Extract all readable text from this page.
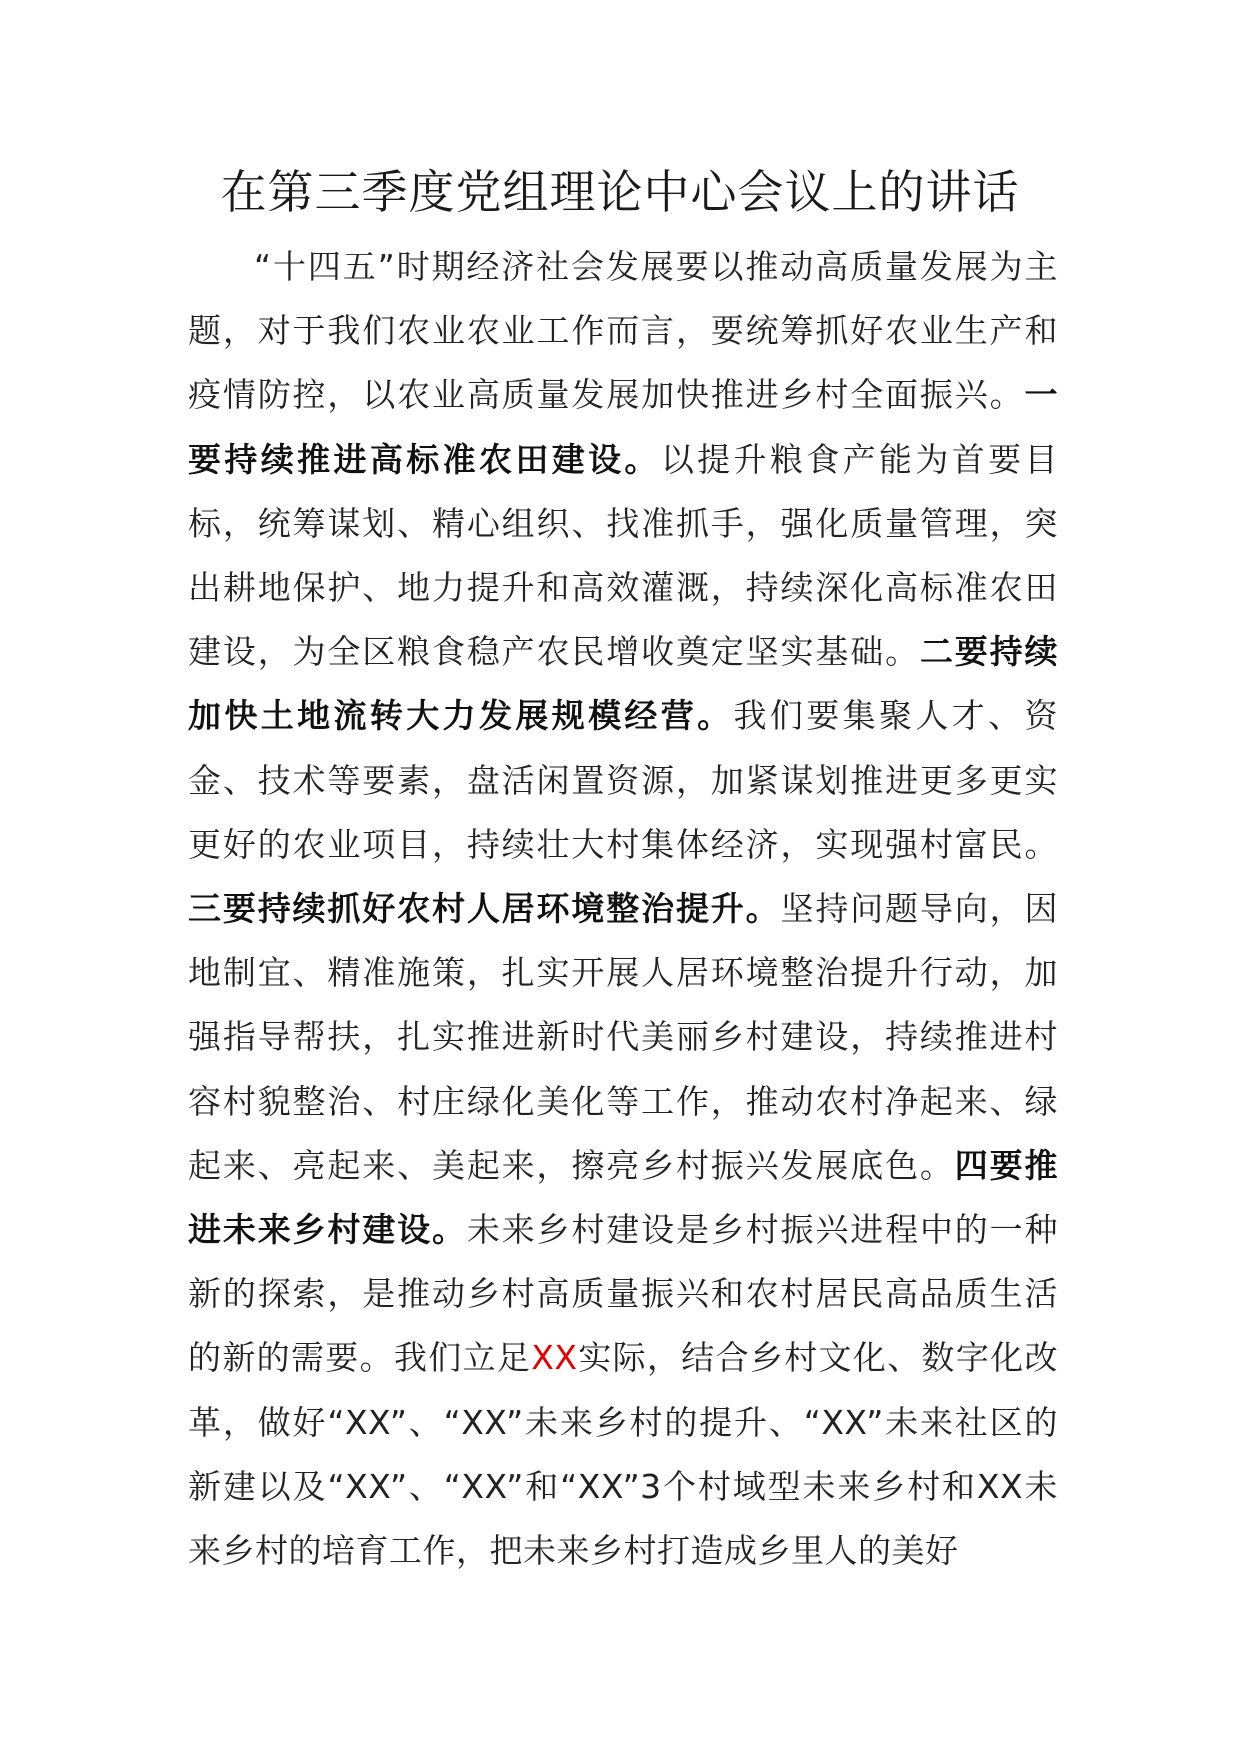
在第三季度党组理论中心会议上的讲话

“十四五”时期经济社会发展要以推动高质量发展为主题，对于我们农业农业工作而言，要统筹抓好农业生产和疫情防控，以农业高质量发展加快推进乡村全面振兴。一要持续推进高标准农田建设。以提升粮食产能为首要目标，统筹谋划、精心组织、找准抓手，强化质量管理，突出耕地保护、地力提升和高效灌溉，持续深化高标准农田建设，为全区粮食稳产农民增收奠定坚实基础。二要持续加快土地流转大力发展规模经营。我们要集聚人才、资金、技术等要素，盘活闲置资源，加紧谋划推进更多更实更好的农业项目，持续壮大村集体经济，实现强村富民。三要持续抓好农村人居环境整治提升。坚持问题导向，因地制宜、精准施策，扎实开展人居环境整治提升行动，加强指导帮扶，扎实推进新时代美丽乡村建设，持续推进村容村貌整治、村庄绿化美化等工作，推动农村净起来、绿起来、亮起来、美起来，擦亮乡村振兴发展底色。四要推进未来乡村建设。未来乡村建设是乡村振兴进程中的一种新的探索，是推动乡村高质量振兴和农村居民高品质生活的新的需要。我们立足XX实际，结合乡村文化、数字化改革，做好“XX”、“XX”未来乡村的提升、“XX”未来社区的新建以及“XX”、“XX”和“XX”3个村域型未来乡村和XX未来乡村的培育工作，把未来乡村打造成乡里人的美好
